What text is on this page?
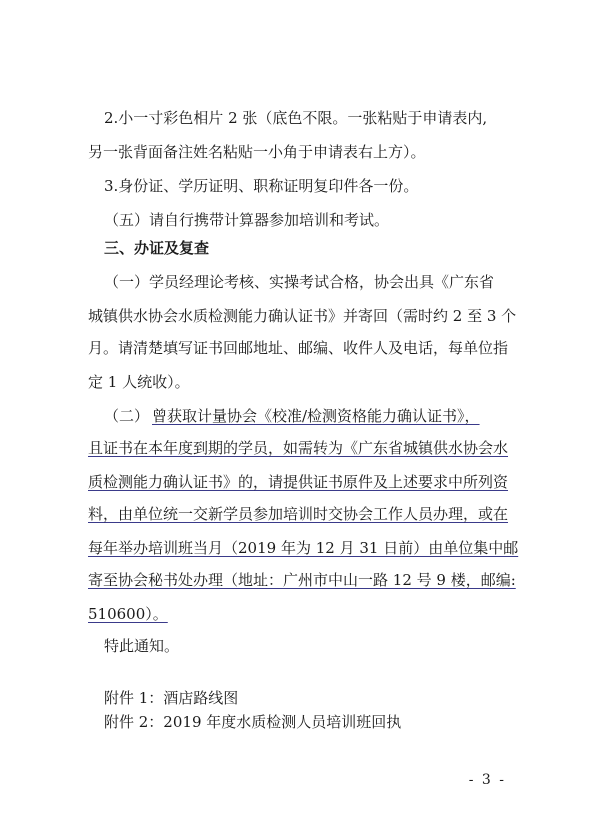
2.小一寸彩色相片 2 张（底色不限。一张粘贴于申请表内,
另一张背面备注姓名粘贴一小角于申请表右上方）。
3.身份证、学历证明、职称证明复印件各一份。
（五）请自行携带计算器参加培训和考试。
三、办证及复查
（一）学员经理论考核、实操考试合格，协会出具《广东省
城镇供水协会水质检测能力确认证书》并寄回（需时约 2 至 3 个
月。请清楚填写证书回邮地址、邮编、收件人及电话，每单位指
定 1 人统收）。
（二） 曾获取计量协会《校准/检测资格能力确认证书》，
且证书在本年度到期的学员，如需转为《广东省城镇供水协会水
质检测能力确认证书》的，请提供证书原件及上述要求中所列资
料，由单位统一交新学员参加培训时交协会工作人员办理，或在
每年举办培训班当月（2019 年为 12 月 31 日前）由单位集中邮
寄至协会秘书处办理（地址：广州市中山一路 12 号 9 楼，邮编:
510600）。
特此通知。
附件 1：酒店路线图
附件 2：2019 年度水质检测人员培训班回执
- 3 -
